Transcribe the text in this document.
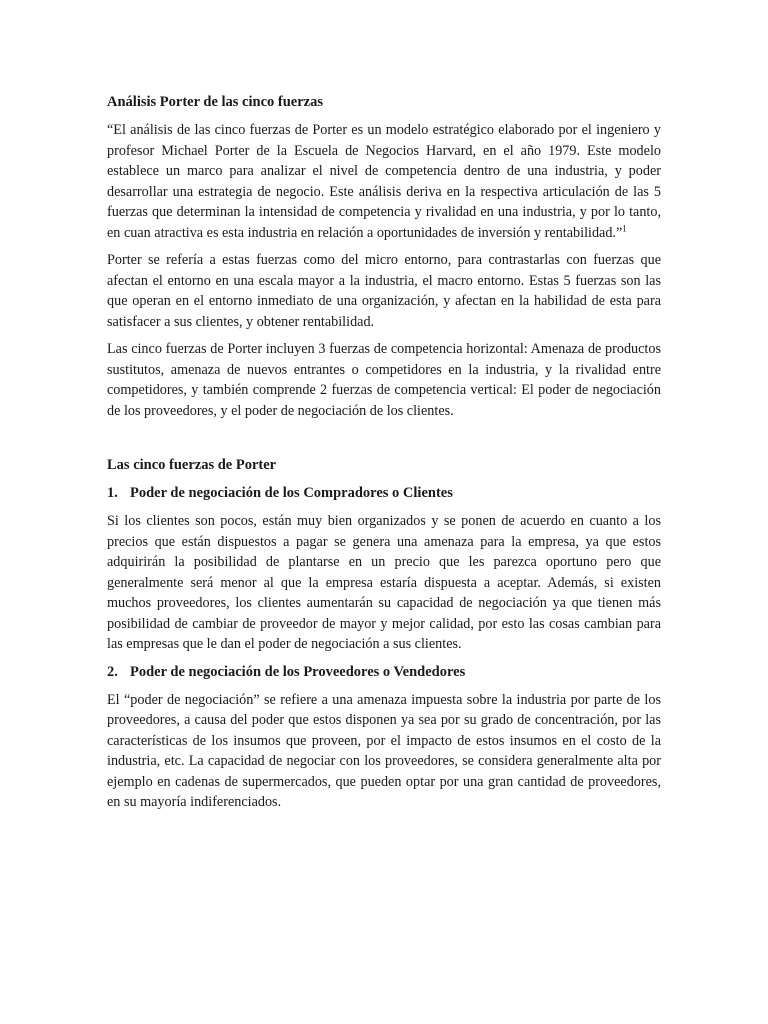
Análisis Porter de las cinco fuerzas

“El análisis de las cinco fuerzas de Porter es un modelo estratégico elaborado por el ingeniero y profesor Michael Porter de la Escuela de Negocios Harvard, en el año 1979. Este modelo establece un marco para analizar el nivel de competencia dentro de una industria, y poder desarrollar una estrategia de negocio. Este análisis deriva en la respectiva articulación de las 5 fuerzas que determinan la intensidad de competencia y rivalidad en una industria, y por lo tanto, en cuan atractiva es esta industria en relación a oportunidades de inversión y rentabilidad.”$^1$

Porter se refería a estas fuerzas como del micro entorno, para contrastarlas con fuerzas que afectan el entorno en una escala mayor a la industria, el macro entorno. Estas 5 fuerzas son las que operan en el entorno inmediato de una organización, y afectan en la habilidad de esta para satisfacer a sus clientes, y obtener rentabilidad.

Las cinco fuerzas de Porter incluyen 3 fuerzas de competencia horizontal: Amenaza de productos sustitutos, amenaza de nuevos entrantes o competidores en la industria, y la rivalidad entre competidores, y también comprende 2 fuerzas de competencia vertical: El poder de negociación de los proveedores, y el poder de negociación de los clientes.

Las cinco fuerzas de Porter
1. Poder de negociación de los Compradores o Clientes

Si los clientes son pocos, están muy bien organizados y se ponen de acuerdo en cuanto a los precios que están dispuestos a pagar se genera una amenaza para la empresa, ya que estos adquirirán la posibilidad de plantarse en un precio que les parezca oportuno pero que generalmente será menor al que la empresa estaría dispuesta a aceptar. Además, si existen muchos proveedores, los clientes aumentarán su capacidad de negociación ya que tienen más posibilidad de cambiar de proveedor de mayor y mejor calidad, por esto las cosas cambian para las empresas que le dan el poder de negociación a sus clientes.

2. Poder de negociación de los Proveedores o Vendedores

El “poder de negociación” se refiere a una amenaza impuesta sobre la industria por parte de los proveedores, a causa del poder que estos disponen ya sea por su grado de concentración, por las características de los insumos que proveen, por el impacto de estos insumos en el costo de la industria, etc. La capacidad de negociar con los proveedores, se considera generalmente alta por ejemplo en cadenas de supermercados, que pueden optar por una gran cantidad de proveedores, en su mayoría indiferenciados.
